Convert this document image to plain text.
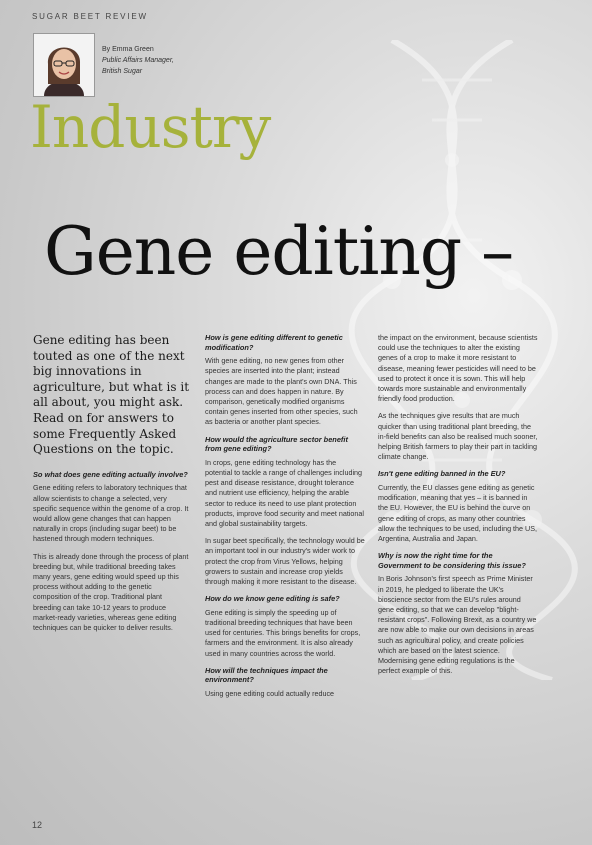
SUGAR BEET REVIEW
By Emma Green
Public Affairs Manager,
British Sugar
Industry
Gene editing –

Gene editing has been touted as one of the next big innovations in agriculture, but what is it all about, you might ask. Read on for answers to some Frequently Asked Questions on the topic.

So what does gene editing actually involve?

Gene editing refers to laboratory techniques that allow scientists to change a selected, very specific sequence within the genome of a crop. It would allow gene changes that can happen naturally in crops (including sugar beet) to be hastened through modern techniques.

This is already done through the process of plant breeding but, while traditional breeding takes many years, gene editing would speed up this process without adding to the genetic composition of the crop. Traditional plant breeding can take 10-12 years to produce market-ready varieties, whereas gene editing techniques can be quicker to deliver results.

How is gene editing different to genetic modification?

With gene editing, no new genes from other species are inserted into the plant; instead changes are made to the plant's own DNA. This process can and does happen in nature. By comparison, genetically modified organisms contain genes inserted from other species, such as bacteria or another plant species.

How would the agriculture sector benefit from gene editing?

In crops, gene editing technology has the potential to tackle a range of challenges including pest and disease resistance, drought tolerance and nutrient use efficiency, helping the arable sector to reduce its need to use plant protection products, improve food security and meet national and global sustainability targets.

In sugar beet specifically, the technology would be an important tool in our industry's wider work to protect the crop from Virus Yellows, helping growers to sustain and increase crop yields through making it more resistant to the disease.

How do we know gene editing is safe?

Gene editing is simply the speeding up of traditional breeding techniques that have been used for centuries. This brings benefits for crops, farmers and the environment. It is also already used in many countries across the world.

How will the techniques impact the environment?

Using gene editing could actually reduce

the impact on the environment, because scientists could use the techniques to alter the existing genes of a crop to make it more resistant to disease, meaning fewer pesticides will need to be used to protect it once it is sown. This will help towards more sustainable and environmentally friendly food production.

As the techniques give results that are much quicker than using traditional plant breeding, the in-field benefits can also be realised much sooner, helping British farmers to play their part in tackling climate change.

Isn't gene editing banned in the EU?

Currently, the EU classes gene editing as genetic modification, meaning that yes – it is banned in the EU. However, the EU is behind the curve on gene editing of crops, as many other countries allow the techniques to be used, including the US, Argentina, Australia and Japan.

Why is now the right time for the Government to be considering this issue?

In Boris Johnson's first speech as Prime Minister in 2019, he pledged to liberate the UK's bioscience sector from the EU's rules around gene editing, so that we can develop "blight-resistant crops". Following Brexit, as a country we are now able to make our own decisions in areas such as agricultural policy, and create policies which are based on the latest science. Modernising gene editing regulations is the perfect example of this.

12
